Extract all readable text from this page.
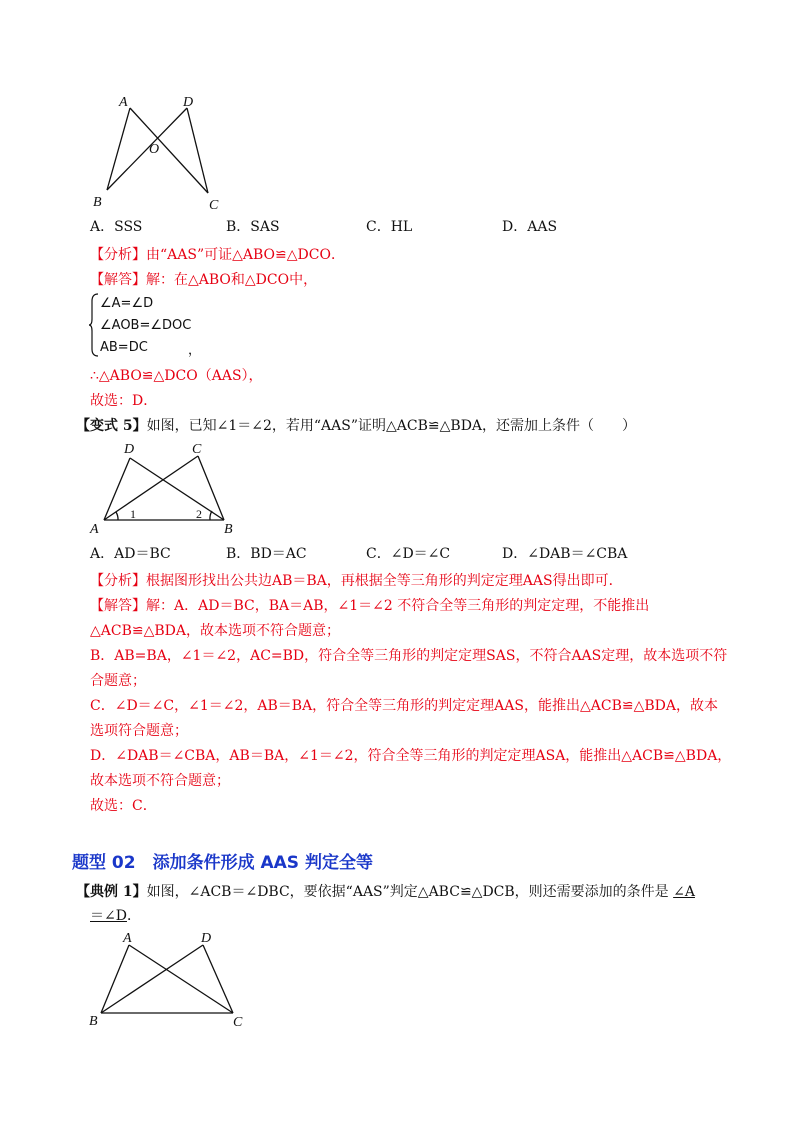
A	D
O
B	C
A．SSS	B．SAS	C．HL	D．AAS
【分析】由“AAS”可证△ABO≌△DCO．
【解答】解：在△ABO和△DCO中，
∠A=∠D
∠AOB=∠DOC
AB=DC	，
∴△ABO≌△DCO（AAS），
故选：D．
【变式 5】如图，已知∠1＝∠2，若用“AAS”证明△ACB≌△BDA，还需加上条件（　　）
D	C
A	B
1	2
A．AD＝BC	B．BD＝AC	C．∠D＝∠C	D．∠DAB＝∠CBA
【分析】根据图形找出公共边AB＝BA，再根据全等三角形的判定定理AAS得出即可．
【解答】解：A．AD＝BC，BA＝AB，∠1＝∠2 不符合全等三角形的判定定理，不能推出
△ACB≌△BDA，故本选项不符合题意；
B．AB=BA，∠1＝∠2，AC=BD，符合全等三角形的判定定理SAS，不符合AAS定理，故本选项不符
合题意；
C．∠D＝∠C，∠1＝∠2，AB＝BA，符合全等三角形的判定定理AAS，能推出△ACB≌△BDA，故本
选项符合题意；
D．∠DAB＝∠CBA，AB＝BA，∠1＝∠2，符合全等三角形的判定定理ASA，能推出△ACB≌△BDA，
故本选项不符合题意；
故选：C．
题型 02　添加条件形成 AAS 判定全等
【典例 1】如图，∠ACB＝∠DBC，要依据“AAS”判定△ABC≌△DCB，则还需要添加的条件是 ∠A
＝∠D．
A	D
B	C
